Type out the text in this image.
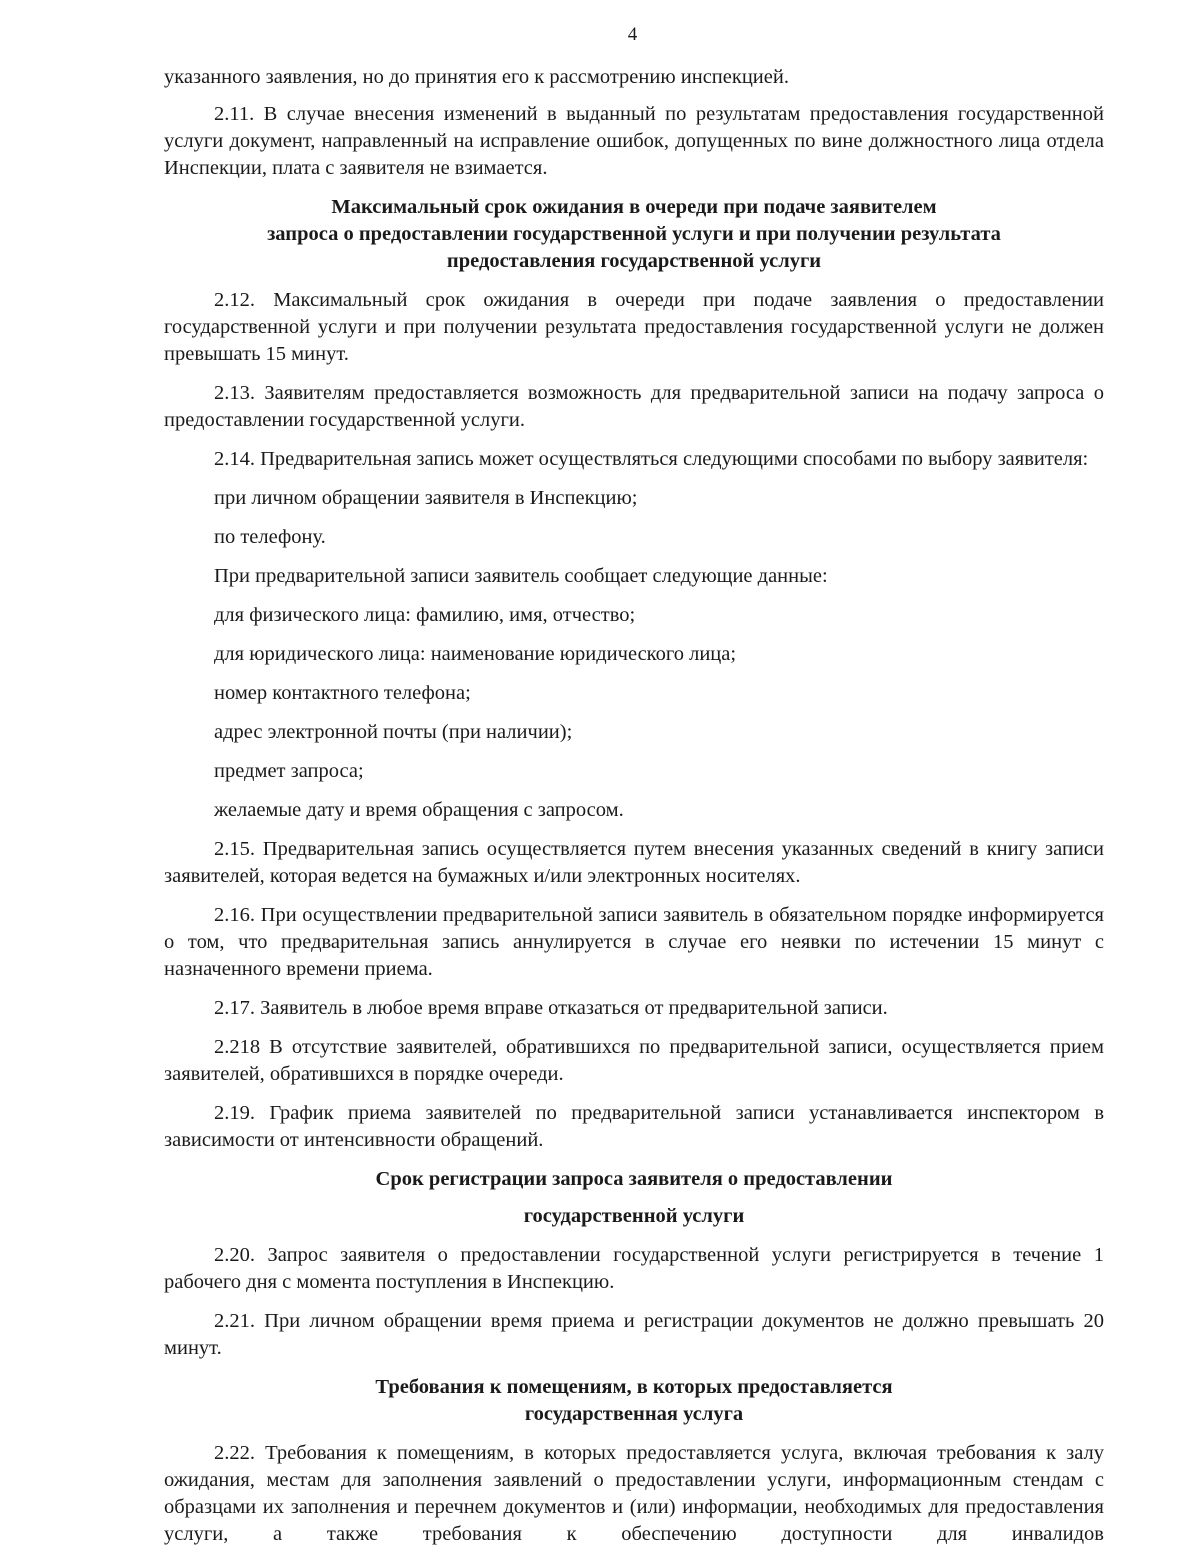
4

указанного заявления, но до принятия его к рассмотрению инспекцией.

2.11. В случае внесения изменений в выданный по результатам предоставления государственной услуги документ, направленный на исправление ошибок, допущенных по вине должностного лица отдела Инспекции, плата с заявителя не взимается.

Максимальный срок ожидания в очереди при подаче заявителем
запроса о предоставлении государственной услуги и при получении результата
предоставления государственной услуги

2.12. Максимальный срок ожидания в очереди при подаче заявления о предоставлении государственной услуги и при получении результата предоставления государственной услуги не должен превышать 15 минут.

2.13. Заявителям предоставляется возможность для предварительной записи на подачу запроса о предоставлении государственной услуги.

2.14. Предварительная запись может осуществляться следующими способами по выбору заявителя:

при личном обращении заявителя в Инспекцию;

по телефону.

При предварительной записи заявитель сообщает следующие данные:

для физического лица: фамилию, имя, отчество;

для юридического лица: наименование юридического лица;

номер контактного телефона;

адрес электронной почты (при наличии);

предмет запроса;

желаемые дату и время обращения с запросом.

2.15. Предварительная запись осуществляется путем внесения указанных сведений в книгу записи заявителей, которая ведется на бумажных и/или электронных носителях.

2.16. При осуществлении предварительной записи заявитель в обязательном порядке информируется о том, что предварительная запись аннулируется в случае его неявки по истечении 15 минут с назначенного времени приема.

2.17. Заявитель в любое время вправе отказаться от предварительной записи.

2.218 В отсутствие заявителей, обратившихся по предварительной записи, осуществляется прием заявителей, обратившихся в порядке очереди.

2.19. График приема заявителей по предварительной записи устанавливается инспектором в зависимости от интенсивности обращений.

Срок регистрации запроса заявителя о предоставлении
государственной услуги

2.20. Запрос заявителя о предоставлении государственной услуги регистрируется в течение 1 рабочего дня с момента поступления в Инспекцию.

2.21. При личном обращении время приема и регистрации документов не должно превышать 20 минут.

Требования к помещениям, в которых предоставляется
государственная услуга

2.22. Требования к помещениям, в которых предоставляется услуга, включая требования к залу ожидания, местам для заполнения заявлений о предоставлении услуги, информационным стендам с образцами их заполнения и перечнем документов и (или) информации, необходимых для предоставления услуги, а также требования к обеспечению доступности для инвалидов
